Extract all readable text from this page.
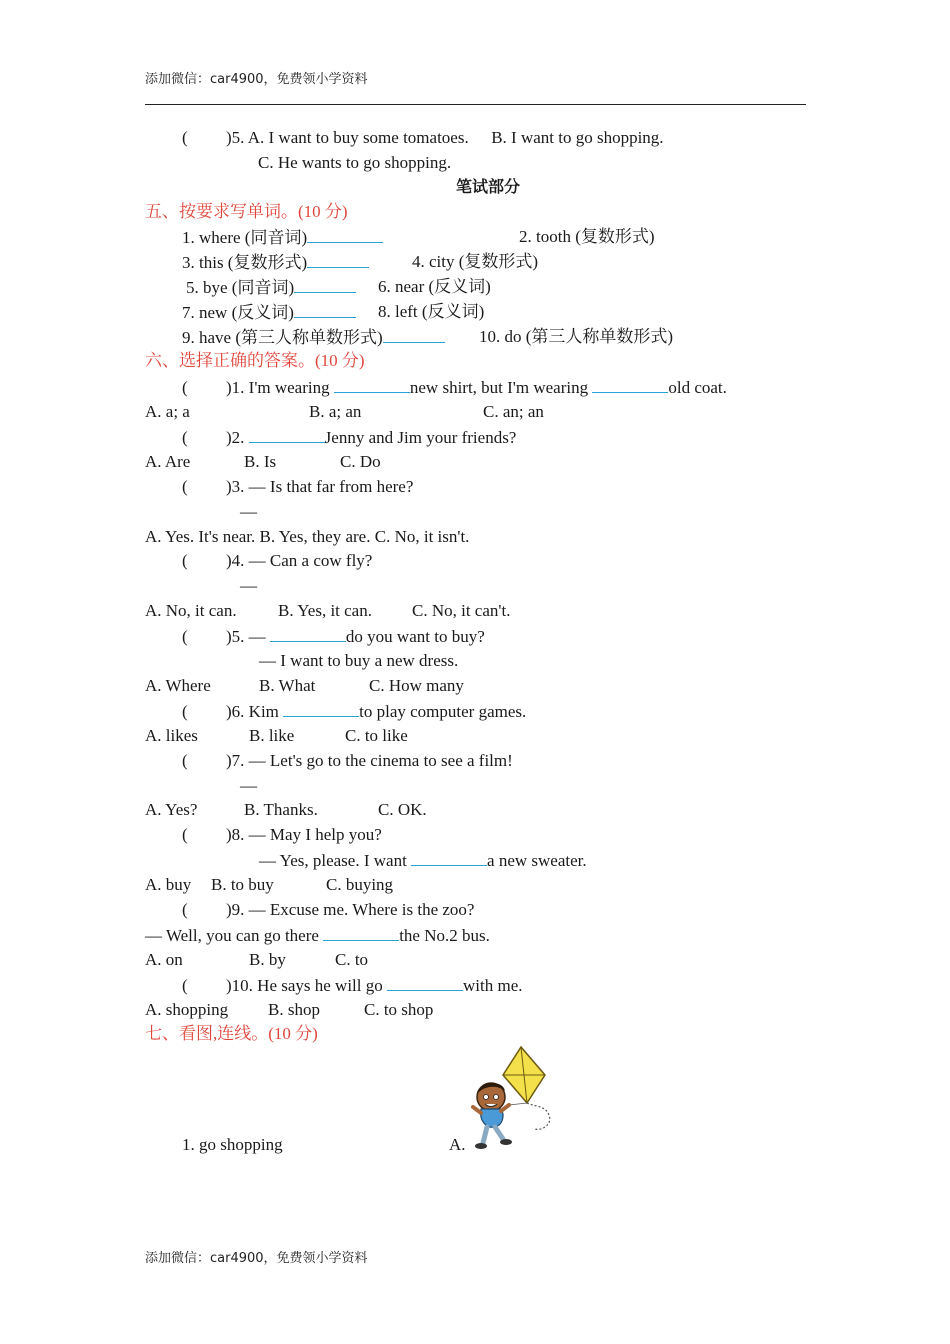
添加微信：car4900，免费领小学资料
( )5. A. I want to buy some tomatoes. B. I want to go shopping.
C. He wants to go shopping.
笔试部分
五、按要求写单词。(10 分)
1. where (同音词)	2. tooth (复数形式)
3. this (复数形式)	4. city (复数形式)
5. bye (同音词)	6. near (反义词)
7. new (反义词)	8. left (反义词)
9. have (第三人称单数形式)	10. do (第三人称单数形式)
六、选择正确的答案。(10 分)
( )1. I'm wearing	new shirt, but I'm wearing	old coat.
A. a; a	B. a; an	C. an; an
( )2.	Jenny and Jim your friends?
A. Are	B. Is	C. Do
( )3. — Is that far from here?
—
A. Yes. It's near. B. Yes, they are. C. No, it isn't.
( )4. — Can a cow fly?
—
A. No, it can. B. Yes, it can. C. No, it can't.
( )5. —	do you want to buy?
— I want to buy a new dress.
A. Where	B. What	C. How many
( )6. Kim	to play computer games.
A. likes	B. like	C. to like
( )7. — Let's go to the cinema to see a film!
—
A. Yes?	B. Thanks.	C. OK.
( )8. — May I help you?
— Yes, please. I want	a new sweater.
A. buy B. to buy	C. buying
( )9. — Excuse me. Where is the zoo?
— Well, you can go there	the No.2 bus.
A. on	B. by	C. to
( )10. He says he will go	with me.
A. shopping B. shop	C. to shop
七、看图,连线。(10 分)
1. go shopping	A.
添加微信：car4900，免费领小学资料
